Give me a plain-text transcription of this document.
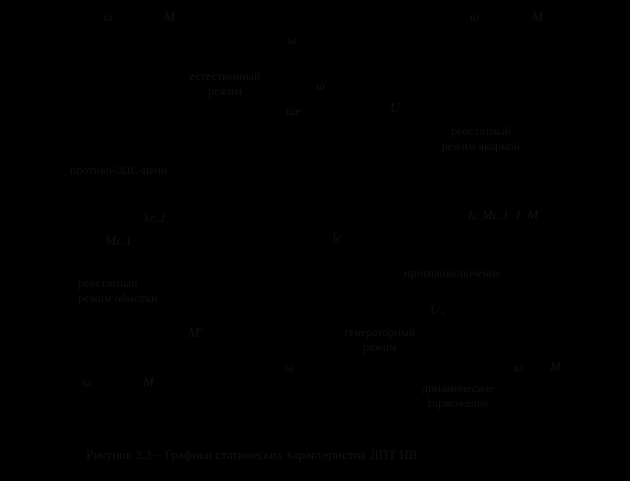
ω	M	ω	M
ω
ω
ωе	U
естественный
режим
реостатный
режим якорной
противо-ЭДС-цепи
kс.1
Mс.1	Iс
Iс.Mс.1  I  M
реостатный
режим обмотки
противовключение
U↓
M'	генераторный
режим
ω
ω	M
ω M
динамическое
торможение
Рисунок 3.3 – Графики статических характеристик ДПТ НВ
